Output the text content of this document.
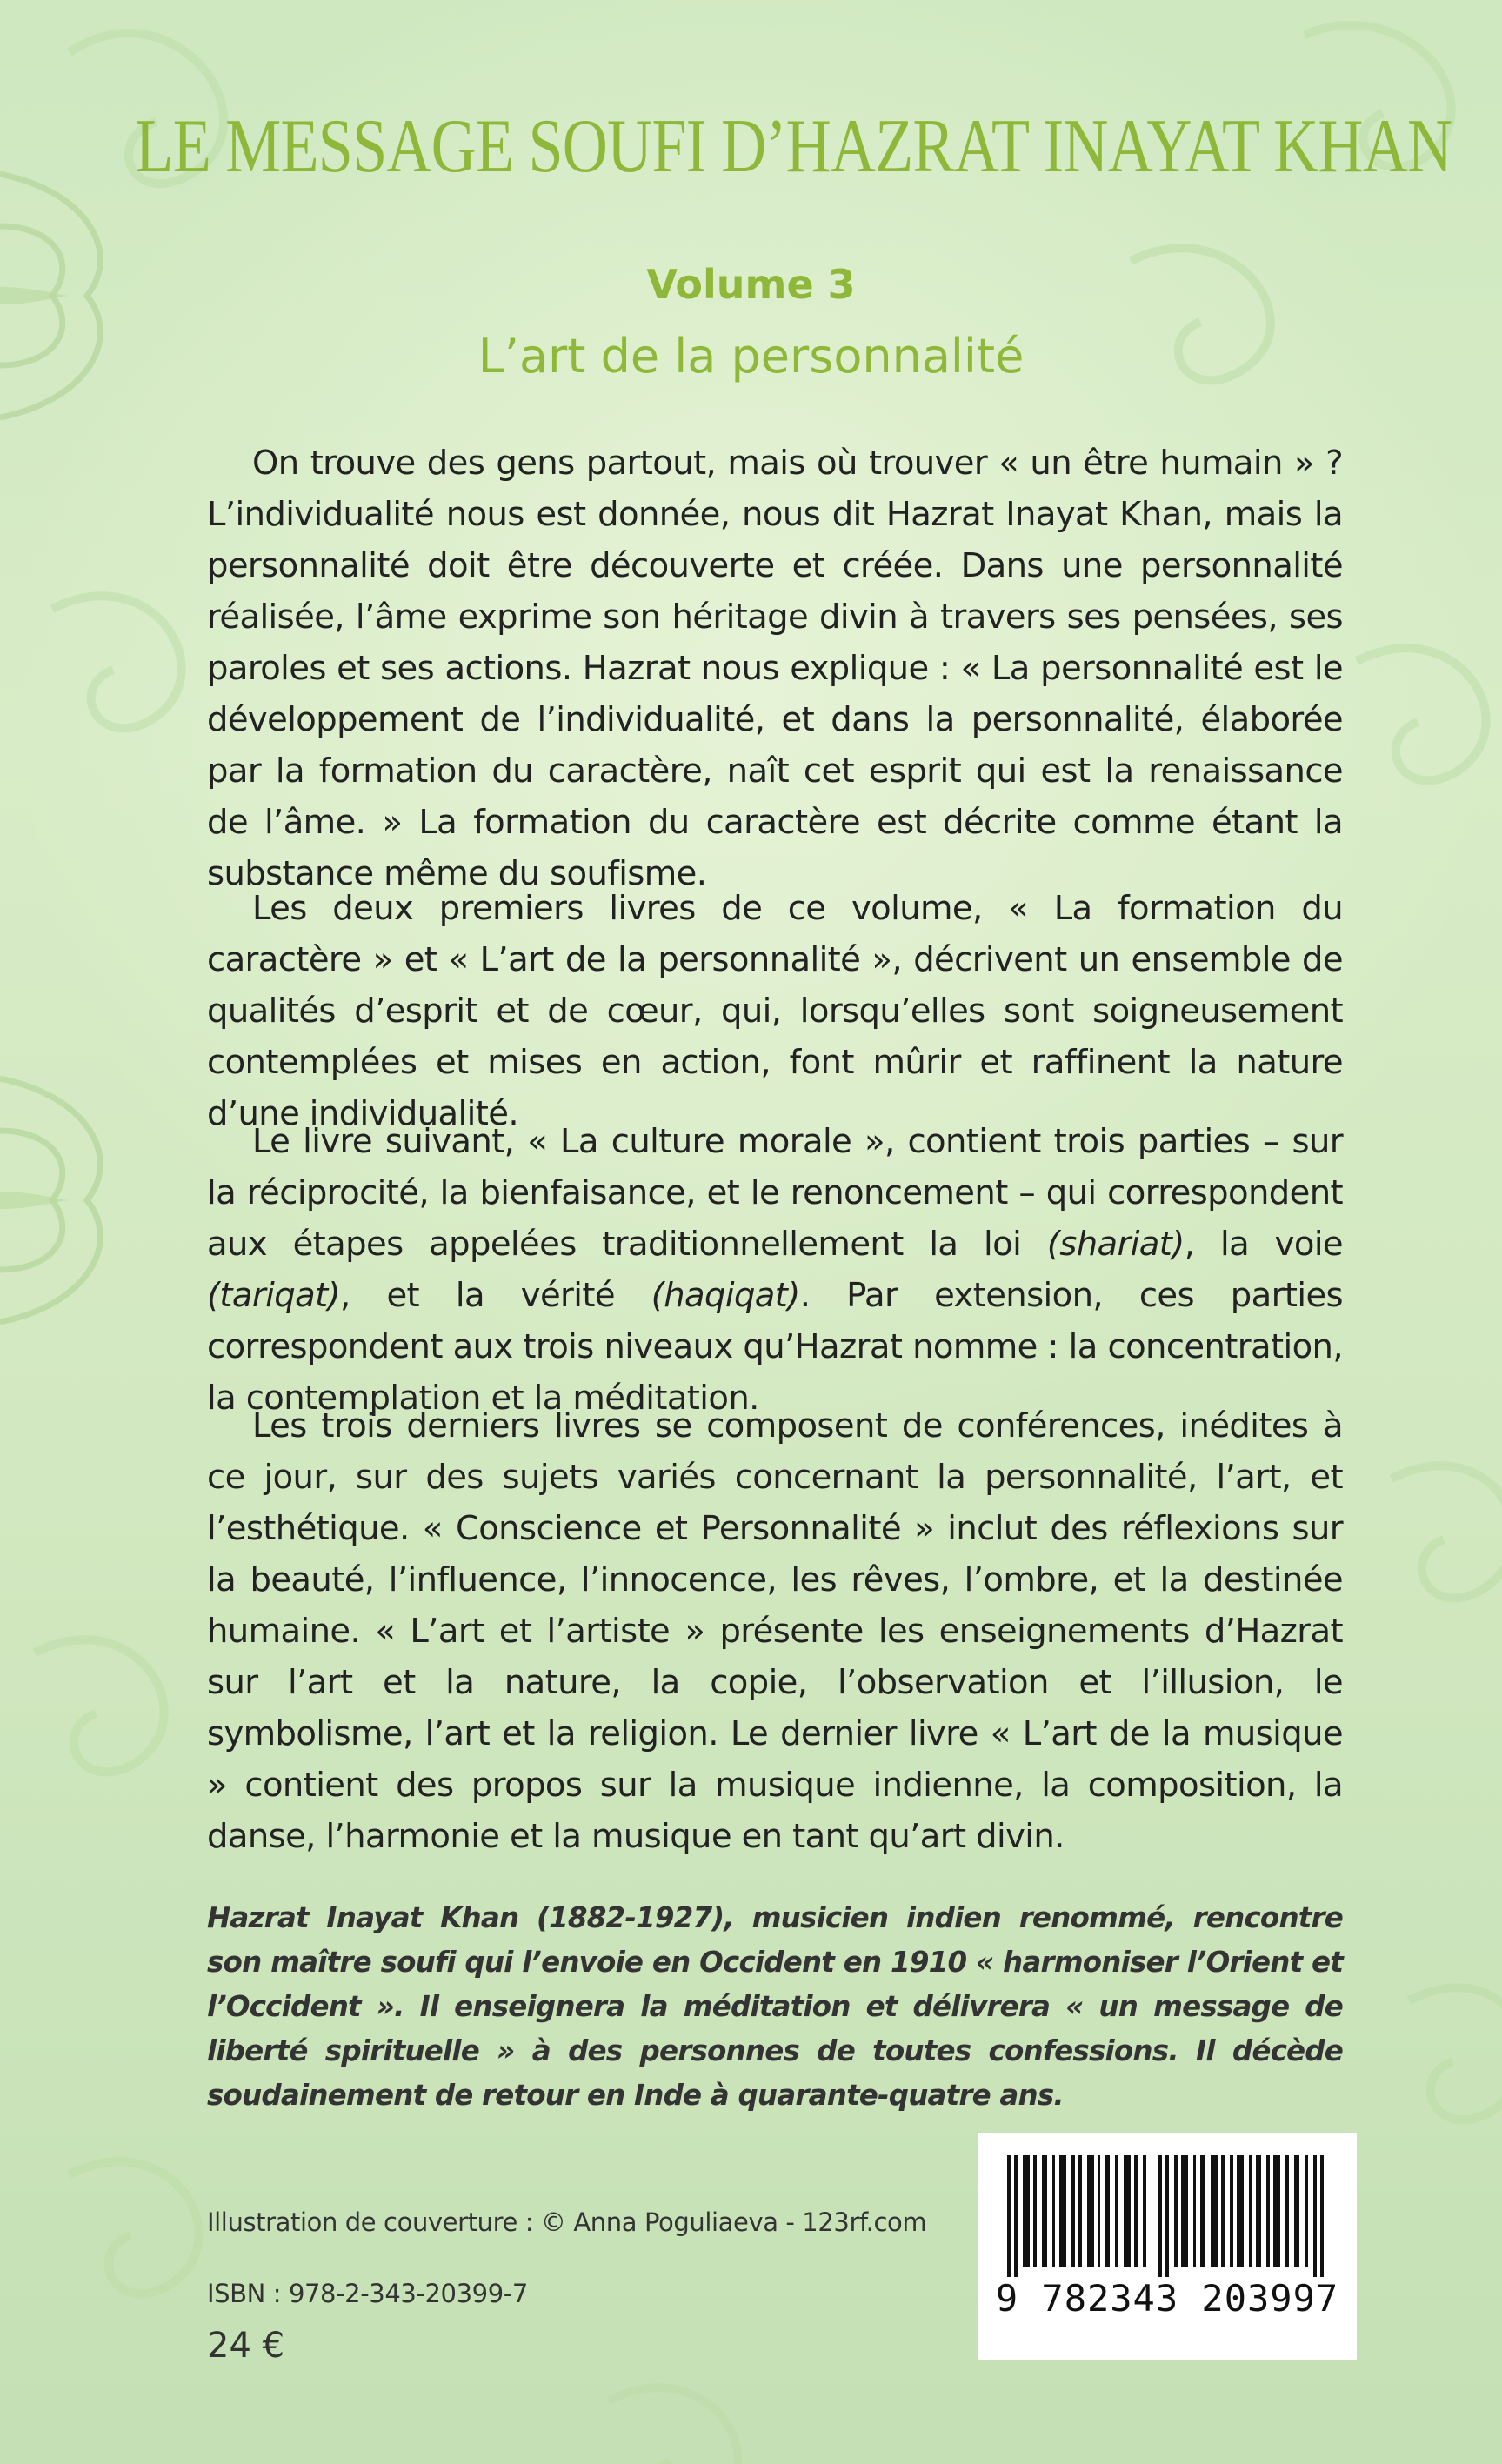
LE MESSAGE SOUFI D’HAZRAT INAYAT KHAN
Volume 3
L’art de la personnalité

On trouve des gens partout, mais où trouver « un être humain » ? L’individualité nous est donnée, nous dit Hazrat Inayat Khan, mais la personnalité doit être découverte et créée. Dans une personnalité réalisée, l’âme exprime son héritage divin à travers ses pensées, ses paroles et ses actions. Hazrat nous explique : « La personnalité est le développement de l’individualité, et dans la personnalité, élaborée par la formation du caractère, naît cet esprit qui est la renaissance de l’âme. » La formation du caractère est décrite comme étant la substance même du soufisme.

Les deux premiers livres de ce volume, « La formation du caractère » et « L’art de la personnalité », décrivent un ensemble de qualités d’esprit et de cœur, qui, lorsqu’elles sont soigneusement contemplées et mises en action, font mûrir et raffinent la nature d’une individualité.

Le livre suivant, « La culture morale », contient trois parties – sur la réciprocité, la bienfaisance, et le renoncement – qui correspondent aux étapes appelées traditionnellement la loi (shariat), la voie (tariqat), et la vérité (haqiqat). Par extension, ces parties correspondent aux trois niveaux qu’Hazrat nomme : la concentration, la contemplation et la méditation.

Les trois derniers livres se composent de conférences, inédites à ce jour, sur des sujets variés concernant la personnalité, l’art, et l’esthétique. « Conscience et Personnalité » inclut des réflexions sur la beauté, l’influence, l’innocence, les rêves, l’ombre, et la destinée humaine. « L’art et l’artiste » présente les enseignements d’Hazrat sur l’art et la nature, la copie, l’observation et l’illusion, le symbolisme, l’art et la religion. Le dernier livre « L’art de la musique » contient des propos sur la musique indienne, la composition, la danse, l’harmonie et la musique en tant qu’art divin.

Hazrat Inayat Khan (1882-1927), musicien indien renommé, rencontre son maître soufi qui l’envoie en Occident en 1910 « harmoniser l’Orient et l’Occident ». Il enseignera la méditation et délivrera « un message de liberté spirituelle » à des personnes de toutes confessions. Il décède soudainement de retour en Inde à quarante-quatre ans.

Illustration de couverture : © Anna Poguliaeva - 123rf.com
ISBN : 978-2-343-20399-7
24 €
9 782343 203997
